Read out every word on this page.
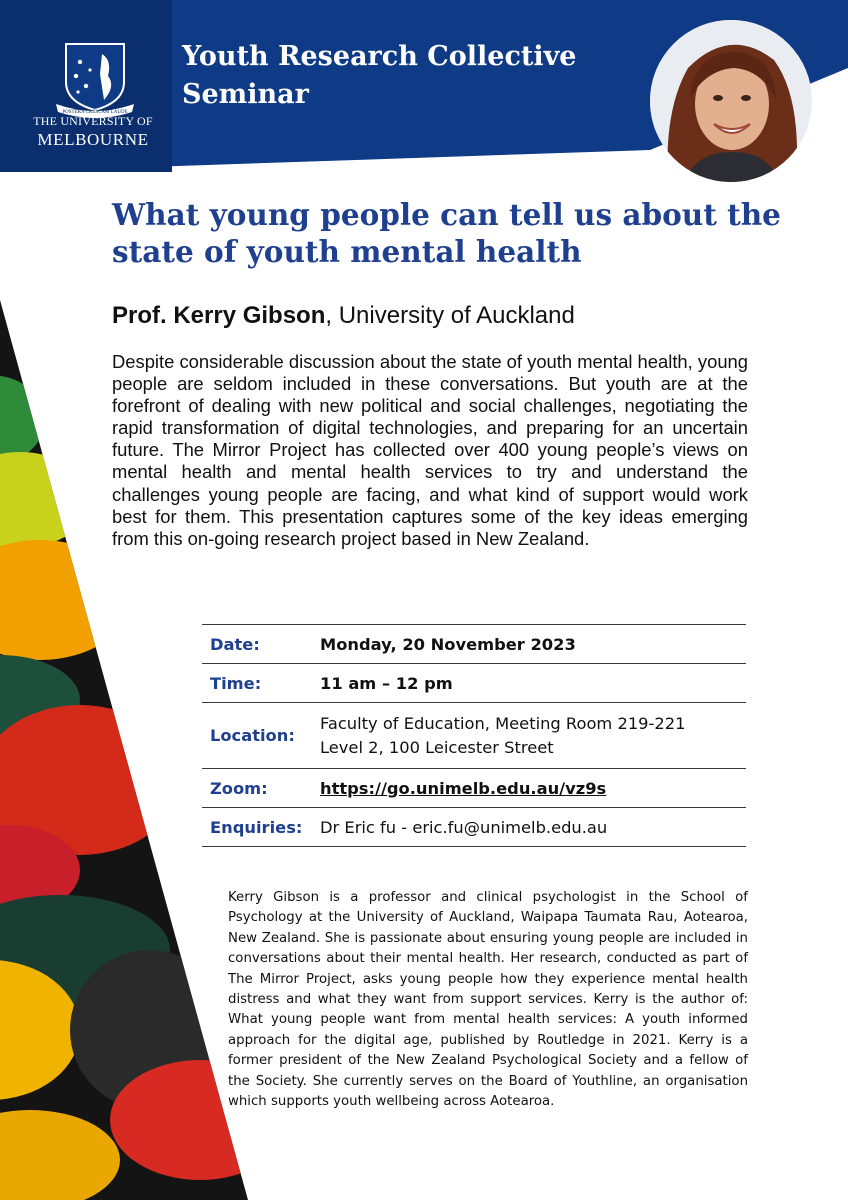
POSTERA CRESCAM LAUDE
THE UNIVERSITY OF
MELBOURNE
Youth Research Collective Seminar
What young people can tell us about the state of youth mental health
Prof. Kerry Gibson, University of Auckland
Despite considerable discussion about the state of youth mental health, young people are seldom included in these conversations. But youth are at the forefront of dealing with new political and social challenges, negotiating the rapid transformation of digital technologies, and preparing for an uncertain future. The Mirror Project has collected over 400 young people’s views on mental health and mental health services to try and understand the challenges young people are facing, and what kind of support would work best for them. This presentation captures some of the key ideas emerging from this on-going research project based in New Zealand.
Date:	Monday, 20 November 2023
Time:	11 am – 12 pm
Location:	Faculty of Education, Meeting Room 219-221
Level 2, 100 Leicester Street

Zoom:	https://go.unimelb.edu.au/vz9s
Enquiries:	Dr Eric fu - eric.fu@unimelb.edu.au
Kerry Gibson is a professor and clinical psychologist in the School of Psychology at the University of Auckland, Waipapa Taumata Rau, Aotearoa, New Zealand. She is passionate about ensuring young people are included in conversations about their mental health. Her research, conducted as part of The Mirror Project, asks young people how they experience mental health distress and what they want from support services. Kerry is the author of: What young people want from mental health services: A youth informed approach for the digital age, published by Routledge in 2021. Kerry is a former president of the New Zealand Psychological Society and a fellow of the Society. She currently serves on the Board of Youthline, an organisation which supports youth wellbeing across Aotearoa.
